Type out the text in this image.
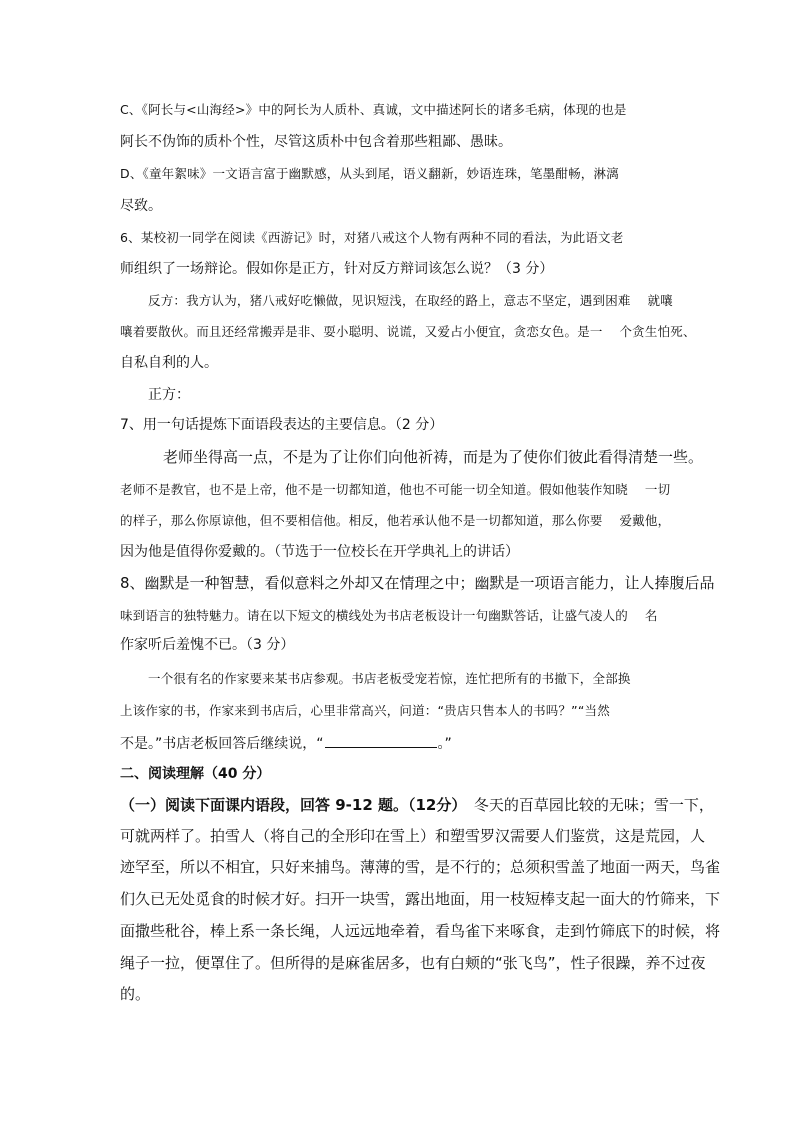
C、《阿长与<山海经>》中的阿长为人质朴、真诚，文中描述阿长的诸多毛病，体现的也是
阿长不伪饰的质朴个性，尽管这质朴中包含着那些粗鄙、愚昧。
D、《童年絮味》一文语言富于幽默感，从头到尾，语义翻新，妙语连珠，笔墨酣畅，淋漓
尽致。
6、某校初一同学在阅读《西游记》时，对猪八戒这个人物有两种不同的看法，为此语文老
师组织了一场辩论。假如你是正方，针对反方辩词该怎么说？（3 分）
反方：我方认为，猪八戒好吃懒做，见识短浅，在取经的路上，意志不坚定，遇到困难　 就嚷
嚷着要散伙。而且还经常搬弄是非、耍小聪明、说谎，又爱占小便宜，贪恋女色。是一　 个贪生怕死、
自私自利的人。
正方：
7、用一句话提炼下面语段表达的主要信息。（2 分）
老师坐得高一点，不是为了让你们向他祈祷，而是为了使你们彼此看得清楚一些。
老师不是教官，也不是上帝，他不是一切都知道，他也不可能一切全知道。假如他装作知晓　 一切
的样子，那么你原谅他，但不要相信他。相反，他若承认他不是一切都知道，那么你要　 爱戴他，
因为他是值得你爱戴的。（节选于一位校长在开学典礼上的讲话）
8、幽默是一种智慧，看似意料之外却又在情理之中；幽默是一项语言能力，让人捧腹后品
味到语言的独特魅力。请在以下短文的横线处为书店老板设计一句幽默答话，让盛气凌人的　 名
作家听后羞愧不已。（3 分）
一个很有名的作家要来某书店参观。书店老板受宠若惊，连忙把所有的书撤下，全部换
上该作家的书，作家来到书店后，心里非常高兴，问道：“贵店只售本人的书吗？”“当然
不是。”书店老板回答后继续说，“	。”
二、阅读理解（40 分）
（一）阅读下面课内语段，回答 9-12 题。（12分）　冬天的百草园比较的无味；雪一下，
可就两样了。拍雪人（将自己的全形印在雪上）和塑雪罗汉需要人们鉴赏，这是荒园，人
迹罕至，所以不相宜，只好来捕鸟。薄薄的雪，是不行的；总须积雪盖了地面一两天，鸟雀
们久已无处觅食的时候才好。扫开一块雪，露出地面，用一枝短棒支起一面大的竹筛来，下
面撒些秕谷，棒上系一条长绳，人远远地牵着，看鸟雀下来啄食，走到竹筛底下的时候，将
绳子一拉，便罩住了。但所得的是麻雀居多，也有白颊的“张飞鸟”，性子很躁，养不过夜
的。
